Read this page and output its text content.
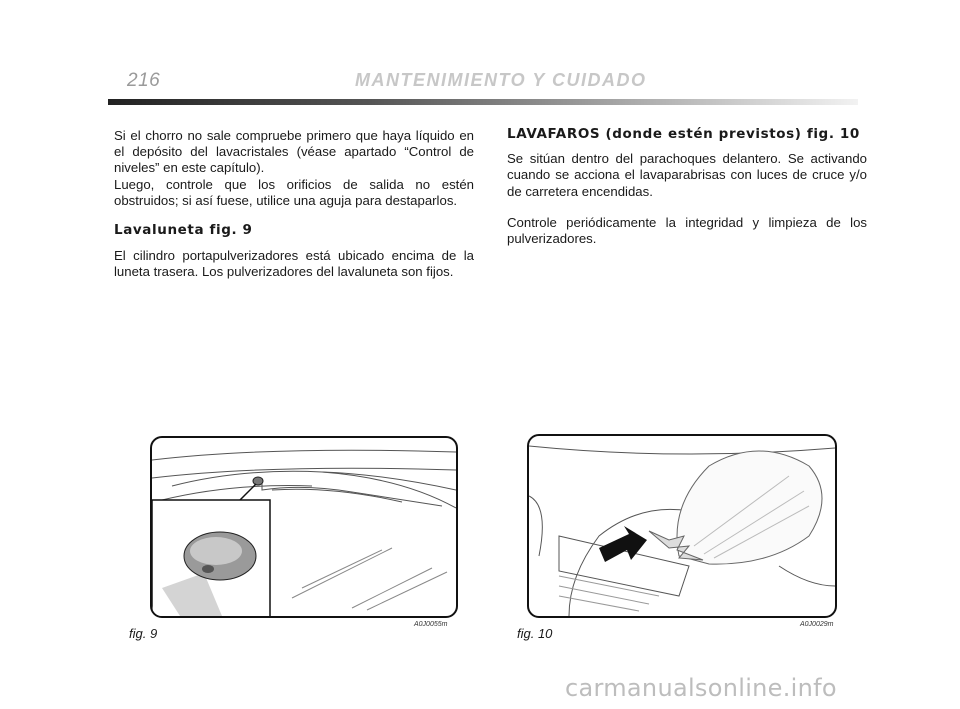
216	MANTENIMIENTO Y CUIDADO

Si el chorro no sale compruebe primero que haya líquido en el depósito del lavacristales (véase apartado “Control de niveles” en este capítulo).

Luego, controle que los orificios de salida no estén obstruidos; si así fuese, utilice una aguja para destaparlos.

Lavaluneta fig. 9

El cilindro portapulverizadores está ubicado encima de la luneta trasera. Los pulverizadores del lavaluneta son fijos.

LAVAFAROS (donde estén previstos) fig. 10

Se sitúan dentro del parachoques delantero. Se activando cuando se acciona el lavaparabrisas con luces de cruce y/o de carretera encendidas.

Controle periódicamente la integridad y limpieza de los pulverizadores.

fig. 9
A0J0055m
fig. 10
A0J0029m
carmanualsonline.info
